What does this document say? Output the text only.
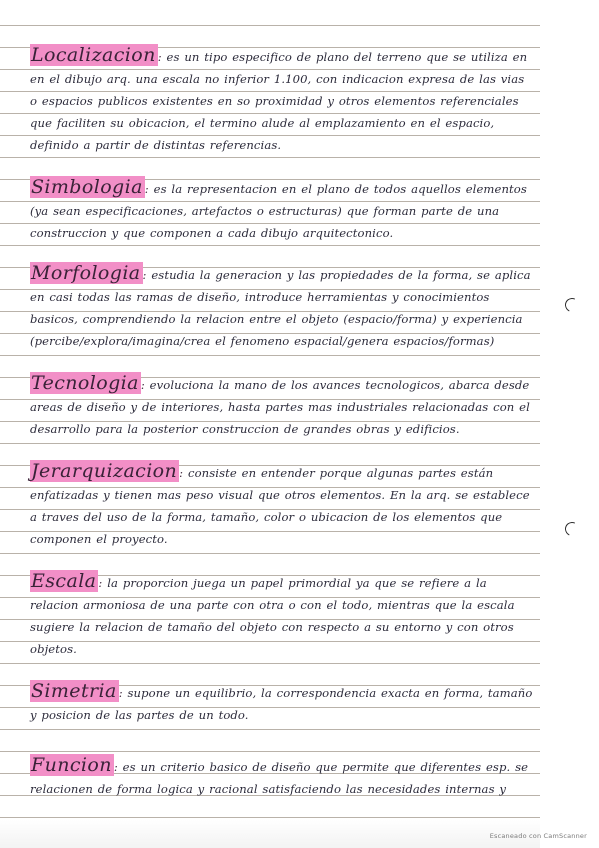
Localizacion : es un tipo especifico de plano del terreno que se utiliza en en el dibujo arq. una escala no inferior 1.100, con indicacion expresa de las vias o espacios publicos existentes en so proximidad y otros elementos referenciales que faciliten su obicacion, el termino alude al emplazamiento en el espacio, definido a partir de distintas referencias.
Simbologia : es la representacion en el plano de todos aquellos elementos (ya sean especificaciones, artefactos o estructuras) que forman parte de una construccion y que componen a cada dibujo arquitectonico.
Morfologia : estudia la generacion y las propiedades de la forma, se aplica en casi todas las ramas de diseño, introduce herramientas y conocimientos basicos, comprendiendo la relacion entre el objeto (espacio/forma) y experiencia (percibe/explora/imagina/crea el fenomeno espacial/genera espacios/formas)
Tecnologia : evoluciona la mano de los avances tecnologicos, abarca desde areas de diseño y de interiores, hasta partes mas industriales relacionadas con el desarrollo para la posterior construccion de grandes obras y edificios.
Jerarquizacion : consiste en entender porque algunas partes están enfatizadas y tienen mas peso visual que otros elementos. En la arq. se establece a traves del uso de la forma, tamaño, color o ubicacion de los elementos que componen el proyecto.
Escala : la proporcion juega un papel primordial ya que se refiere a la relacion armoniosa de una parte con otra o con el todo, mientras que la escala sugiere la relacion de tamaño del objeto con respecto a su entorno y con otros objetos.
Simetria : supone un equilibrio, la correspondencia exacta en forma, tamaño y posicion de las partes de un todo.
Funcion : es un criterio basico de diseño que permite que diferentes esp. se relacionen de forma logica y racional satisfaciendo las necesidades internas y
Escaneado con CamScanner
